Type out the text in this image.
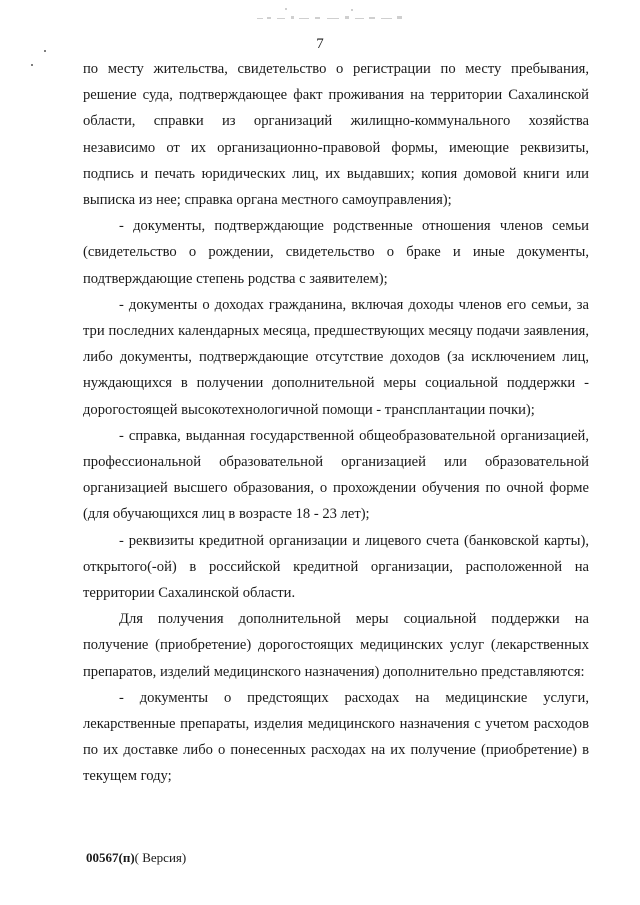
7

по месту жительства, свидетельство о регистрации по месту пребывания, решение суда, подтверждающее факт проживания на территории Сахалинской области, справки из организаций жилищно-коммунального хозяйства независимо от их организационно-правовой формы, имеющие реквизиты, подпись и печать юридических лиц, их выдавших; копия домовой книги или выписка из нее; справка органа местного самоуправления);

- документы, подтверждающие родственные отношения членов семьи (свидетельство о рождении, свидетельство о браке и иные документы, подтверждающие степень родства с заявителем);

- документы о доходах гражданина, включая доходы членов его семьи, за три последних календарных месяца, предшествующих месяцу подачи заявления, либо документы, подтверждающие отсутствие доходов (за исключением лиц, нуждающихся в получении дополнительной меры социальной поддержки - дорогостоящей высокотехнологичной помощи - трансплантации почки);

- справка, выданная государственной общеобразовательной организацией, профессиональной образовательной организацией или образовательной организацией высшего образования, о прохождении обучения по очной форме (для обучающихся лиц в возрасте 18 - 23 лет);

- реквизиты кредитной организации и лицевого счета (банковской карты), открытого(-ой) в российской кредитной организации, расположенной на территории Сахалинской области.

Для получения дополнительной меры социальной поддержки на получение (приобретение) дорогостоящих медицинских услуг (лекарственных препаратов, изделий медицинского назначения) дополнительно представляются:

- документы о предстоящих расходах на медицинские услуги, лекарственные препараты, изделия медицинского назначения с учетом расходов по их доставке либо о понесенных расходах на их получение (приобретение) в текущем году;

00567(п)( Версия)
